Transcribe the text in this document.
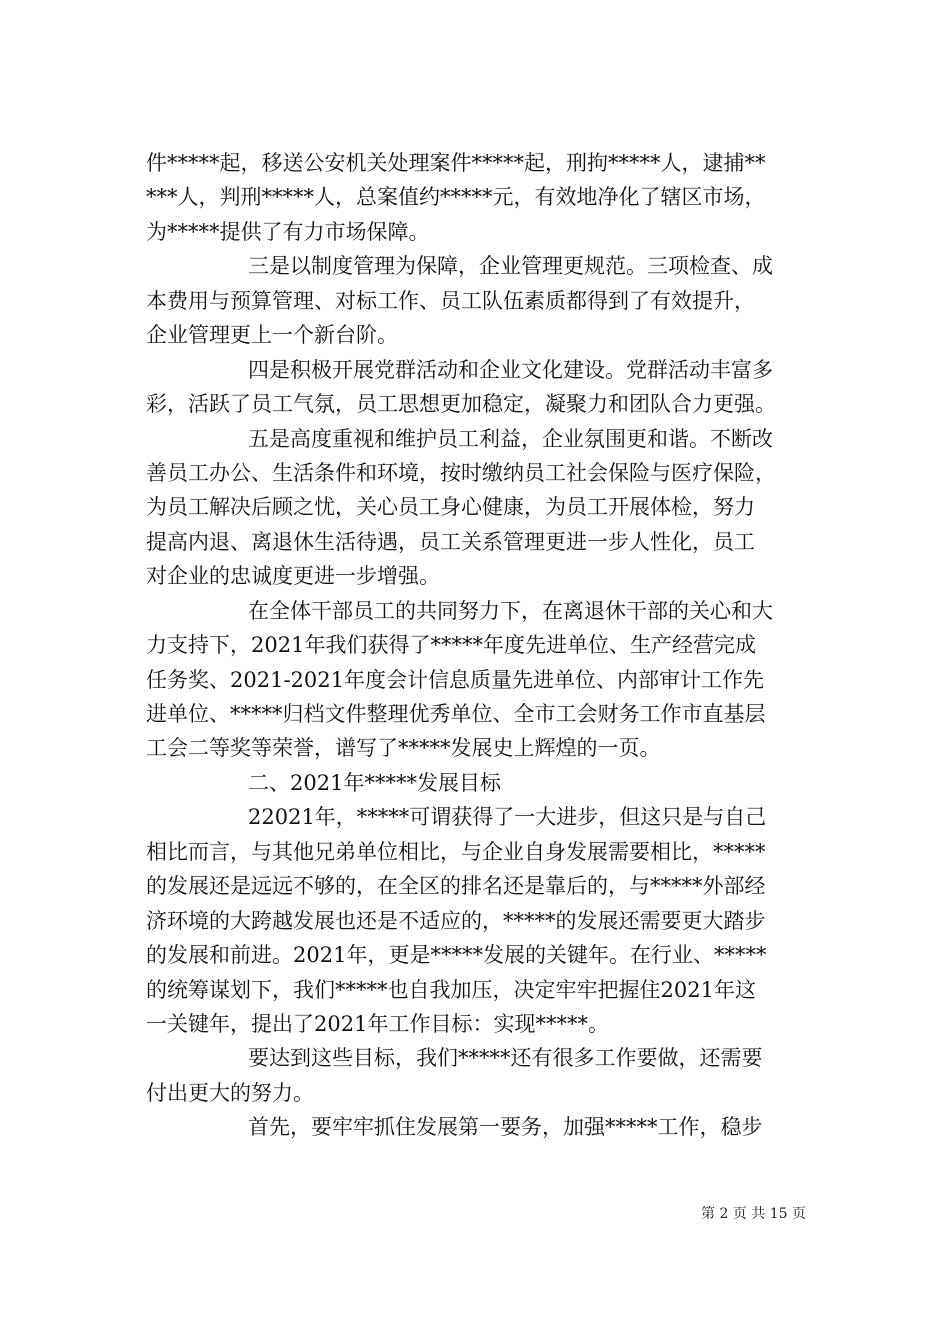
件*****起，移送公安机关处理案件*****起，刑拘*****人，逮捕**
***人，判刑*****人，总案值约*****元，有效地净化了辖区市场，
为*****提供了有力市场保障。
三是以制度管理为保障，企业管理更规范。三项检查、成
本费用与预算管理、对标工作、员工队伍素质都得到了有效提升，
企业管理更上一个新台阶。
四是积极开展党群活动和企业文化建设。党群活动丰富多
彩，活跃了员工气氛，员工思想更加稳定，凝聚力和团队合力更强。
五是高度重视和维护员工利益，企业氛围更和谐。不断改
善员工办公、生活条件和环境，按时缴纳员工社会保险与医疗保险，
为员工解决后顾之忧，关心员工身心健康，为员工开展体检，努力
提高内退、离退休生活待遇，员工关系管理更进一步人性化，员工
对企业的忠诚度更进一步增强。
在全体干部员工的共同努力下，在离退休干部的关心和大
力支持下，2021年我们获得了*****年度先进单位、生产经营完成
任务奖、2021-2021年度会计信息质量先进单位、内部审计工作先
进单位、*****归档文件整理优秀单位、全市工会财务工作市直基层
工会二等奖等荣誉，谱写了*****发展史上辉煌的一页。
二、2021年*****发展目标
22021年，*****可谓获得了一大进步，但这只是与自己
相比而言，与其他兄弟单位相比，与企业自身发展需要相比，*****
的发展还是远远不够的，在全区的排名还是靠后的，与*****外部经
济环境的大跨越发展也还是不适应的，*****的发展还需要更大踏步
的发展和前进。2021年，更是*****发展的关键年。在行业、*****
的统筹谋划下，我们*****也自我加压，决定牢牢把握住2021年这
一关键年，提出了2021年工作目标：实现*****。
要达到这些目标，我们*****还有很多工作要做，还需要
付出更大的努力。
首先，要牢牢抓住发展第一要务，加强*****工作，稳步
第 2 页 共 15 页
